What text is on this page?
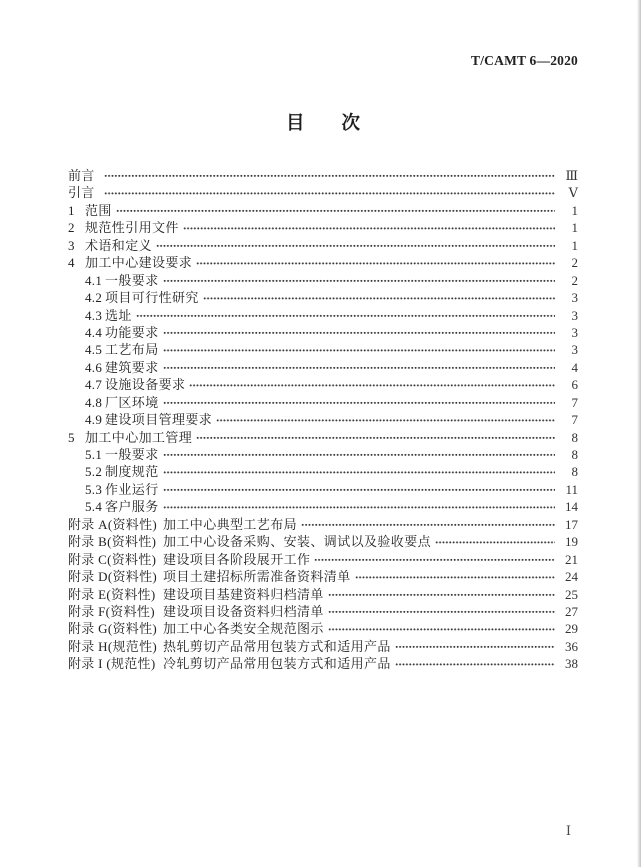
T/CAMT 6—2020
目　　次
前言	Ⅲ
引言	Ⅴ
1 范围	1
2 规范性引用文件	1
3 术语和定义	1
4 加工中心建设要求	2
4.1 一般要求	2
4.2 项目可行性研究	3
4.3 选址	3
4.4 功能要求	3
4.5 工艺布局	3
4.6 建筑要求	4
4.7 设施设备要求	6
4.8 厂区环境	7
4.9 建设项目管理要求	7
5 加工中心加工管理	8
5.1 一般要求	8
5.2 制度规范	8
5.3 作业运行	11
5.4 客户服务	14
附录 A(资料性) 加工中心典型工艺布局	17
附录 B(资料性) 加工中心设备采购、安装、调试以及验收要点	19
附录 C(资料性) 建设项目各阶段展开工作	21
附录 D(资料性) 项目土建招标所需准备资料清单	24
附录 E(资料性) 建设项目基建资料归档清单	25
附录 F(资料性) 建设项目设备资料归档清单	27
附录 G(资料性) 加工中心各类安全规范图示	29
附录 H(规范性) 热轧剪切产品常用包装方式和适用产品	36
附录 I (规范性) 冷轧剪切产品常用包装方式和适用产品	38
Ⅰ
